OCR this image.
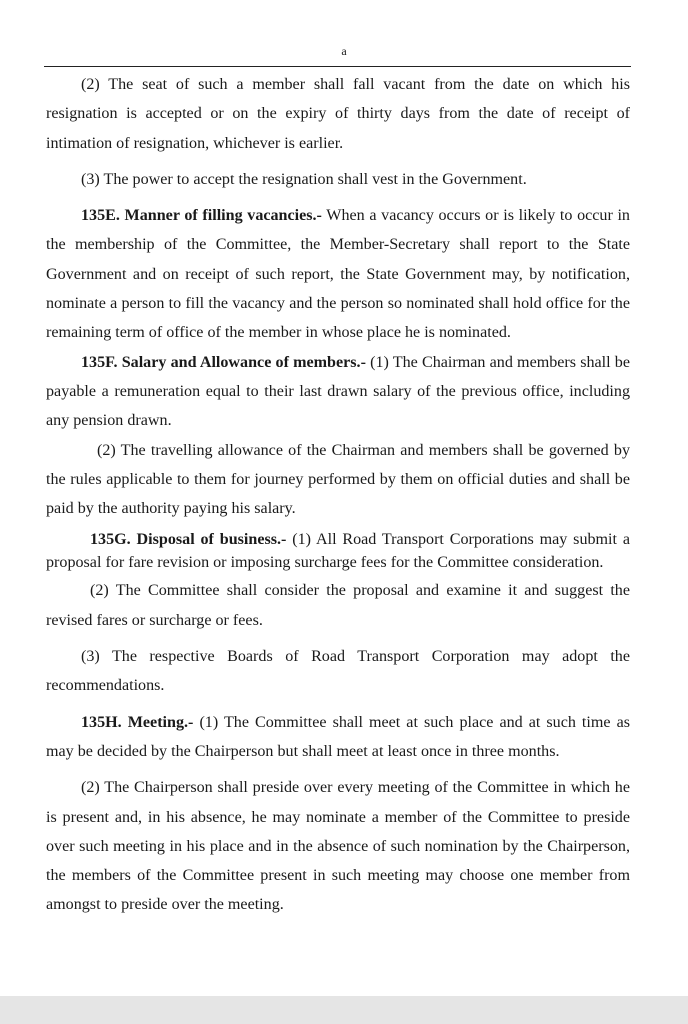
a

(2) The seat of such a member shall fall vacant from the date on which his resignation is accepted or on the expiry of thirty days from the date of receipt of intimation of resignation, whichever is earlier.

(3) The power to accept the resignation shall vest in the Government.

135E. Manner of filling vacancies.- When a vacancy occurs or is likely to occur in the membership of the Committee, the Member-Secretary shall report to the State Government and on receipt of such report, the State Government may, by notification, nominate a person to fill the vacancy and the person so nominated shall hold office for the remaining term of office of the member in whose place he is nominated.

135F. Salary and Allowance of members.- (1) The Chairman and members shall be payable a remuneration equal to their last drawn salary of the previous office, including any pension drawn.

(2) The travelling allowance of the Chairman and members shall be governed by the rules applicable to them for journey performed by them on official duties and shall be paid by the authority paying his salary.

135G. Disposal of business.- (1) All Road Transport Corporations may submit a proposal for fare revision or imposing surcharge fees for the Committee consideration.

(2) The Committee shall consider the proposal and examine it and suggest the revised fares or surcharge or fees.

(3) The respective Boards of Road Transport Corporation may adopt the recommendations.

135H. Meeting.- (1) The Committee shall meet at such place and at such time as may be decided by the Chairperson but shall meet at least once in three months.

(2) The Chairperson shall preside over every meeting of the Committee in which he is present and, in his absence, he may nominate a member of the Committee to preside over such meeting in his place and in the absence of such nomination by the Chairperson, the members of the Committee present in such meeting may choose one member from amongst to preside over the meeting.
